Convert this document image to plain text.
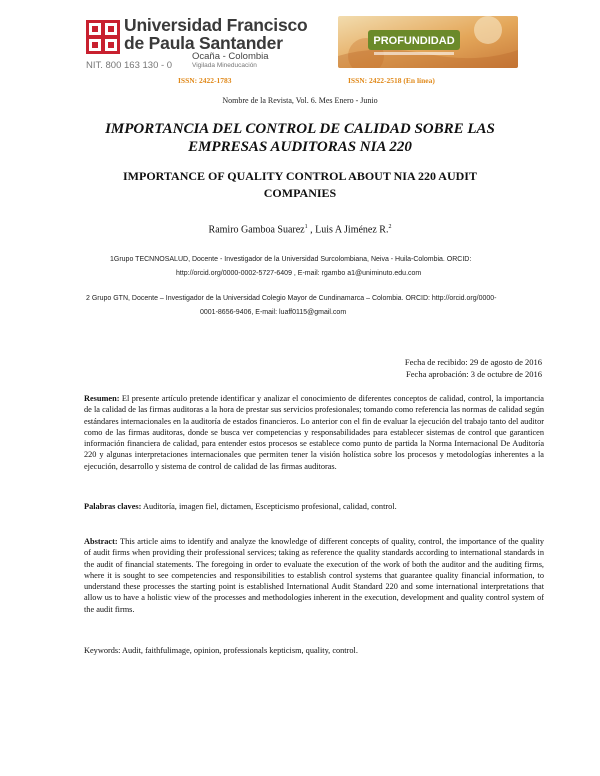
Universidad Francisco
de Paula Santander
Ocaña - Colombia
Vigilada Mineducación
NIT. 800 163 130 - 0
PROFUNDIDAD
ISSN: 2422-1783	ISSN: 2422-2518 (En línea)
Nombre de la Revista, Vol. 6. Mes Enero - Junio
IMPORTANCIA DEL CONTROL DE CALIDAD SOBRE LAS
EMPRESAS AUDITORAS NIA 220
IMPORTANCE OF QUALITY CONTROL ABOUT NIA 220 AUDIT
COMPANIES
Ramiro Gamboa Suarez$^1$ , Luis A Jiménez R.$^2$
1Grupo TECNNOSALUD, Docente - Investigador de la Universidad Surcolombiana, Neiva - Huila-Colombia. ORCID:
http://orcid.org/0000-0002-5727-6409 , E-mail: rgambo a1@uniminuto.edu.com
2 Grupo GTN, Docente – Investigador de la Universidad Colegio Mayor de Cundinamarca – Colombia. ORCID: http://orcid.org/0000-
0001-8656-9406, E-mail: luaff0115@gmail.com
Fecha de recibido: 29 de agosto de 2016
Fecha aprobación: 3 de octubre de 2016
Resumen: El presente artículo pretende identificar y analizar el conocimiento de diferentes conceptos de calidad, control, la importancia de la calidad de las firmas auditoras a la hora de prestar sus servicios profesionales; tomando como referencia las normas de calidad según estándares internacionales en la auditoría de estados financieros. Lo anterior con el fin de evaluar la ejecución del trabajo tanto del auditor como de las firmas auditoras, donde se busca ver competencias y responsabilidades para establecer sistemas de control que garanticen información financiera de calidad, para entender estos procesos se establece como punto de partida la Norma Internacional De Auditoría 220 y algunas interpretaciones internacionales que permiten tener la visión holística sobre los procesos y metodologías inherentes a la ejecución, desarrollo y sistema de control de calidad de las firmas auditoras.
Palabras claves: Auditoría, imagen fiel, dictamen, Escepticismo profesional, calidad, control.
Abstract: This article aims to identify and analyze the knowledge of different concepts of quality, control, the importance of the quality of audit firms when providing their professional services; taking as reference the quality standards according to international standards in the audit of financial statements. The foregoing in order to evaluate the execution of the work of both the auditor and the auditing firms, where it is sought to see competencies and responsibilities to establish control systems that guarantee quality financial information, to understand these processes the starting point is established International Audit Standard 220 and some international interpretations that allow us to have a holistic view of the processes and methodologies inherent in the execution, development and quality control system of the audit firms.
Keywords: Audit, faithfulimage, opinion, professionals kepticism, quality, control.
